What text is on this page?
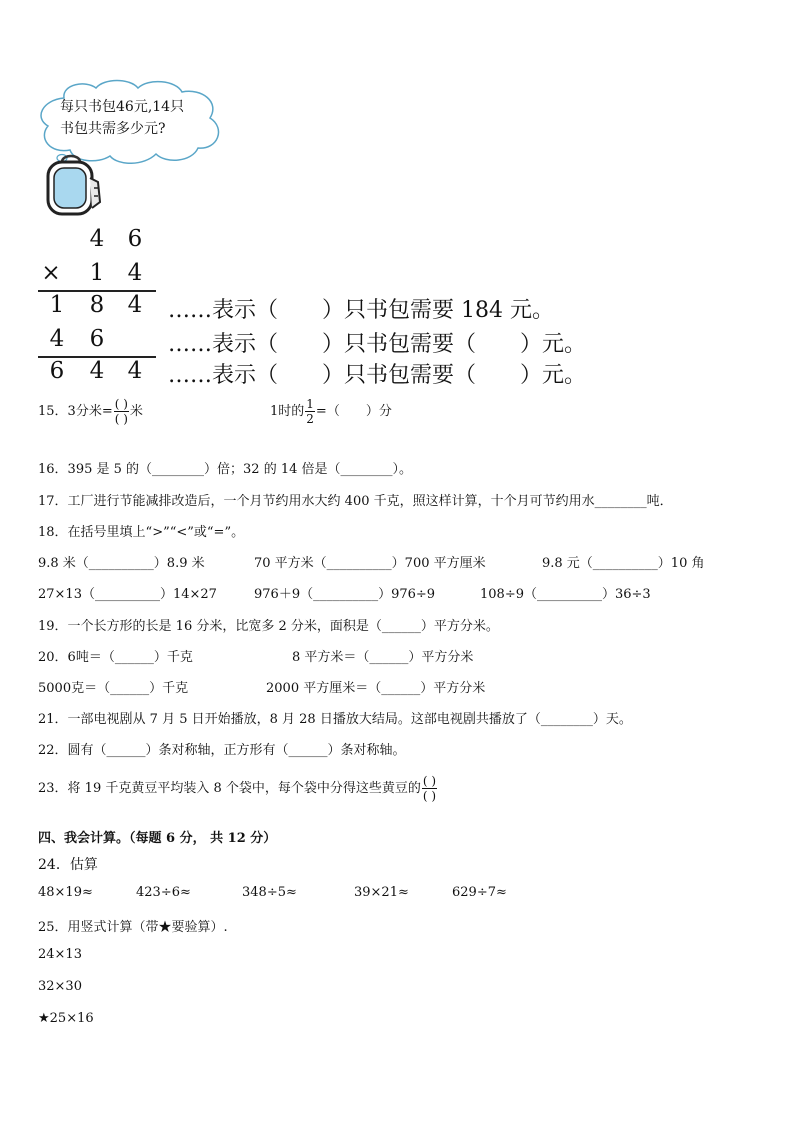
每只书包46元,14只
书包共需多少元?
4 6
× 1 4
1 8 4
4 6
6 4 4
……表示（　　）只书包需要 184 元。
……表示（　　）只书包需要（　　）元。
……表示（　　）只书包需要（　　）元。
15．3分米= $\frac{( )}{( )}$ 米	1时的 $\frac{1}{2}$ =（　　）分
16．395 是 5 的（________）倍；32 的 14 倍是（________）。
17．工厂进行节能减排改造后，一个月节约用水大约 400 千克，照这样计算，十个月可节约用水________吨．
18．在括号里填上“>”“<”或“=”。
9.8 米（__________）8.9 米	70 平方米（__________）700 平方厘米	9.8 元（__________）10 角
27×13（__________）14×27	976＋9（__________）976÷9	108÷9（__________）36÷3
19．一个长方形的长是 16 分米，比宽多 2 分米，面积是（______）平方分米。
20．6吨＝（______）千克	8 平方米＝（______）平方分米
5000克＝（______）千克	2000 平方厘米＝（______）平方分米
21．一部电视剧从 7 月 5 日开始播放，8 月 28 日播放大结局。这部电视剧共播放了（________）天。
22．圆有（______）条对称轴，正方形有（______）条对称轴。
23．将 19 千克黄豆平均装入 8 个袋中，每个袋中分得这些黄豆的 $\frac{( )}{( )}$
四、我会计算。（每题 6 分， 共 12 分）
24．估算
48×19≈	423÷6≈	348÷5≈	39×21≈	629÷7≈
25．用竖式计算（带★要验算）.
24×13
32×30
★25×16
